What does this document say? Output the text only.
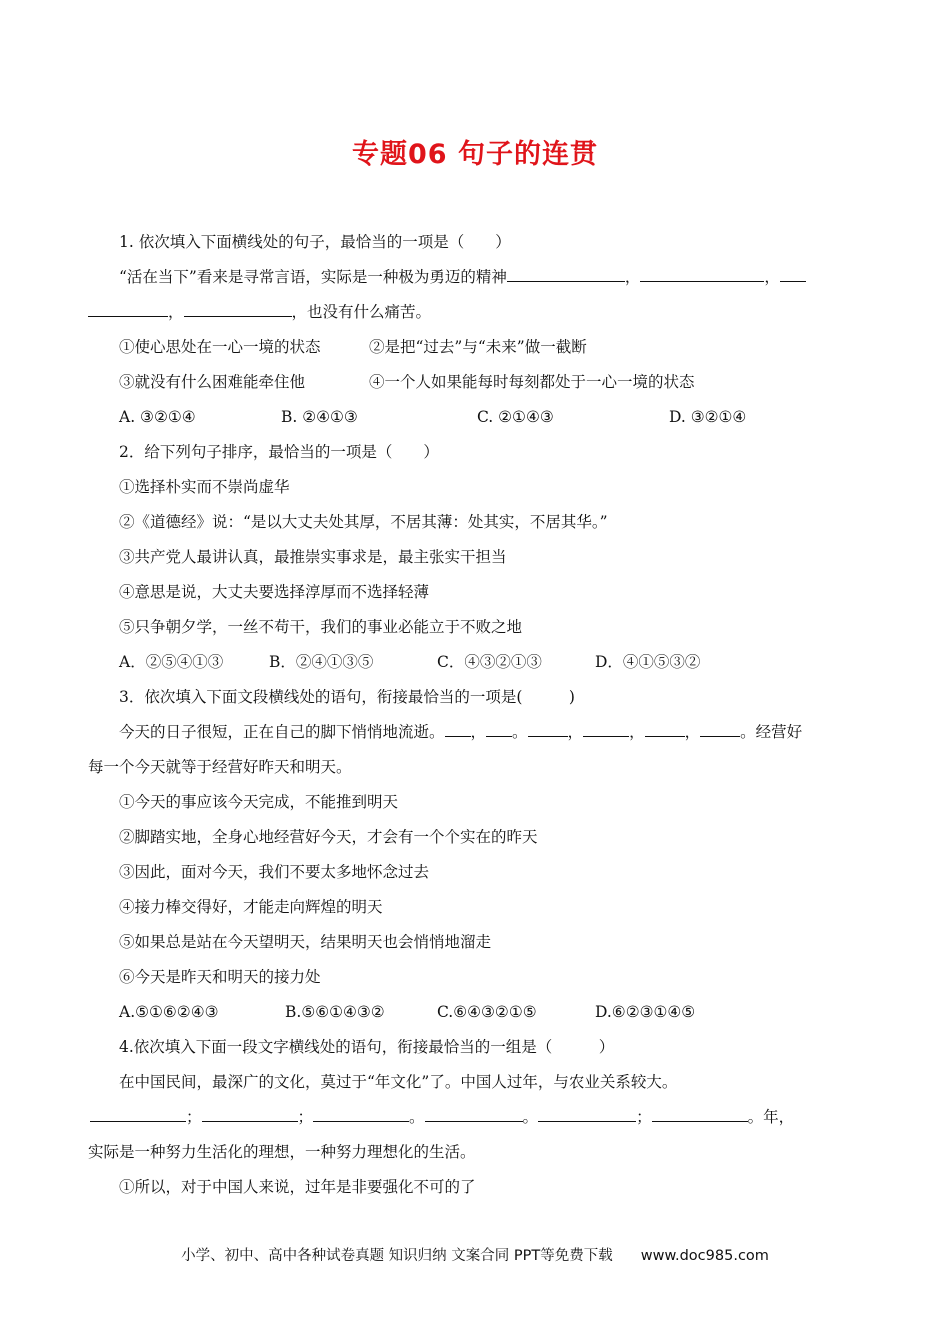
专题06 句子的连贯
1. 依次填入下面横线处的句子，最恰当的一项是（　　）
“活在当下”看来是寻常言语，实际是一种极为勇迈的精神	，	，
，	，也没有什么痛苦。
①使心思处在一心一境的状态	②是把“过去”与“未来”做一截断
③就没有什么困难能牵住他	④一个人如果能每时每刻都处于一心一境的状态
A. ③②①④	B. ②④①③	C. ②①④③	D. ③②①④
2．给下列句子排序，最恰当的一项是（　　）
①选择朴实而不崇尚虚华
②《道德经》说：“是以大丈夫处其厚，不居其薄：处其实，不居其华。”
③共产党人最讲认真，最推崇实事求是，最主张实干担当
④意思是说，大丈夫要选择淳厚而不选择轻薄
⑤只争朝夕学，一丝不苟干，我们的事业必能立于不败之地
A．②⑤④①③	B．②④①③⑤	C．④③②①③	D．④①⑤③②
3．依次填入下面文段横线处的语句，衔接最恰当的一项是(　　　)
今天的日子很短，正在自己的脚下悄悄地流逝。 ， 。	，	，	，	。经营好
每一个今天就等于经营好昨天和明天。
①今天的事应该今天完成，不能推到明天
②脚踏实地，全身心地经营好今天，才会有一个个实在的昨天
③因此，面对今天，我们不要太多地怀念过去
④接力棒交得好，才能走向辉煌的明天
⑤如果总是站在今天望明天，结果明天也会悄悄地溜走
⑥今天是昨天和明天的接力处
A.⑤①⑥②④③	B.⑤⑥①④③②	C.⑥④③②①⑤	D.⑥②③①④⑤
4.依次填入下面一段文字横线处的语句，衔接最恰当的一组是（　　　）
在中国民间，最深广的文化，莫过于“年文化”了。中国人过年，与农业关系较大。
；	；	。	。	；	。年，
实际是一种努力生活化的理想，一种努力理想化的生活。
①所以，对于中国人来说，过年是非要强化不可的了
小学、初中、高中各种试卷真题 知识归纳 文案合同 PPT等免费下载 www.doc985.com
